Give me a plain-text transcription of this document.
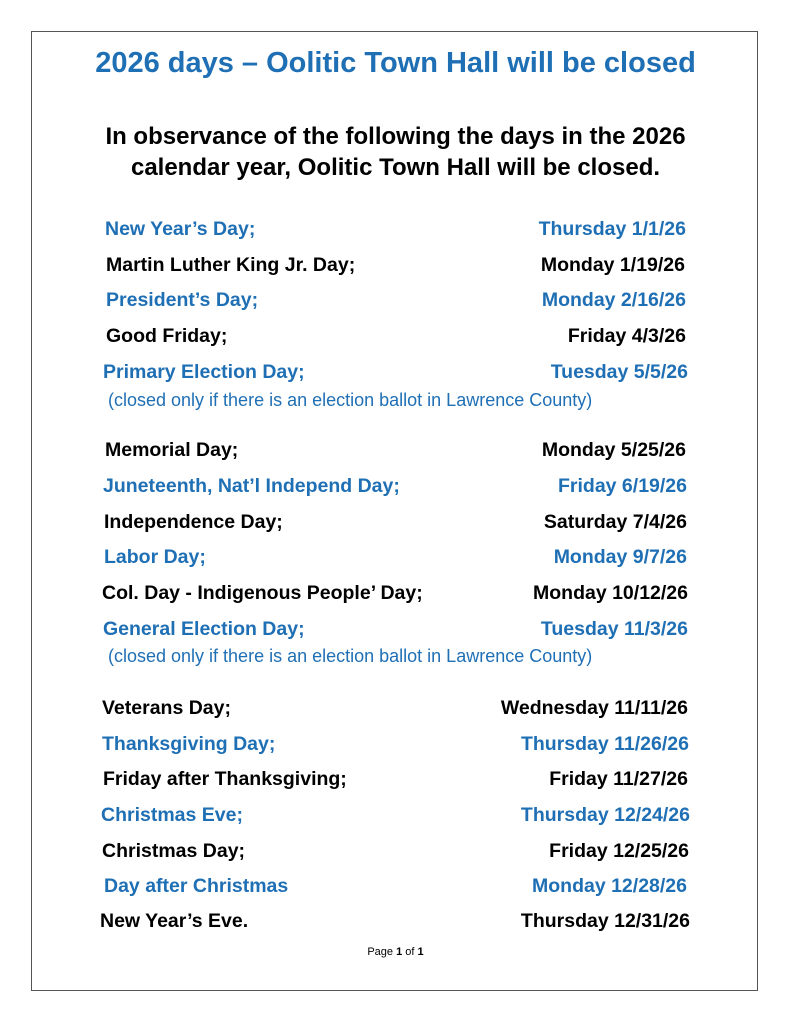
2026 days – Oolitic Town Hall will be closed
In observance of the following the days in the 2026
calendar year, Oolitic Town Hall will be closed.
New Year’s Day;	Thursday 1/1/26
Martin Luther King Jr. Day;	Monday 1/19/26
President’s Day;	Monday 2/16/26
Good Friday;	Friday 4/3/26
Primary Election Day;	Tuesday 5/5/26
(closed only if there is an election ballot in Lawrence County)
Memorial Day;	Monday 5/25/26
Juneteenth, Nat’l Independ Day;	Friday 6/19/26
Independence Day;	Saturday 7/4/26
Labor Day;	Monday 9/7/26
Col. Day - Indigenous People’ Day;	Monday 10/12/26
General Election Day;	Tuesday 11/3/26
(closed only if there is an election ballot in Lawrence County)
Veterans Day;	Wednesday 11/11/26
Thanksgiving Day;	Thursday 11/26/26
Friday after Thanksgiving;	Friday 11/27/26
Christmas Eve;	Thursday 12/24/26
Christmas Day;	Friday 12/25/26
Day after Christmas	Monday 12/28/26
New Year’s Eve.	Thursday 12/31/26
Page 1 of 1
